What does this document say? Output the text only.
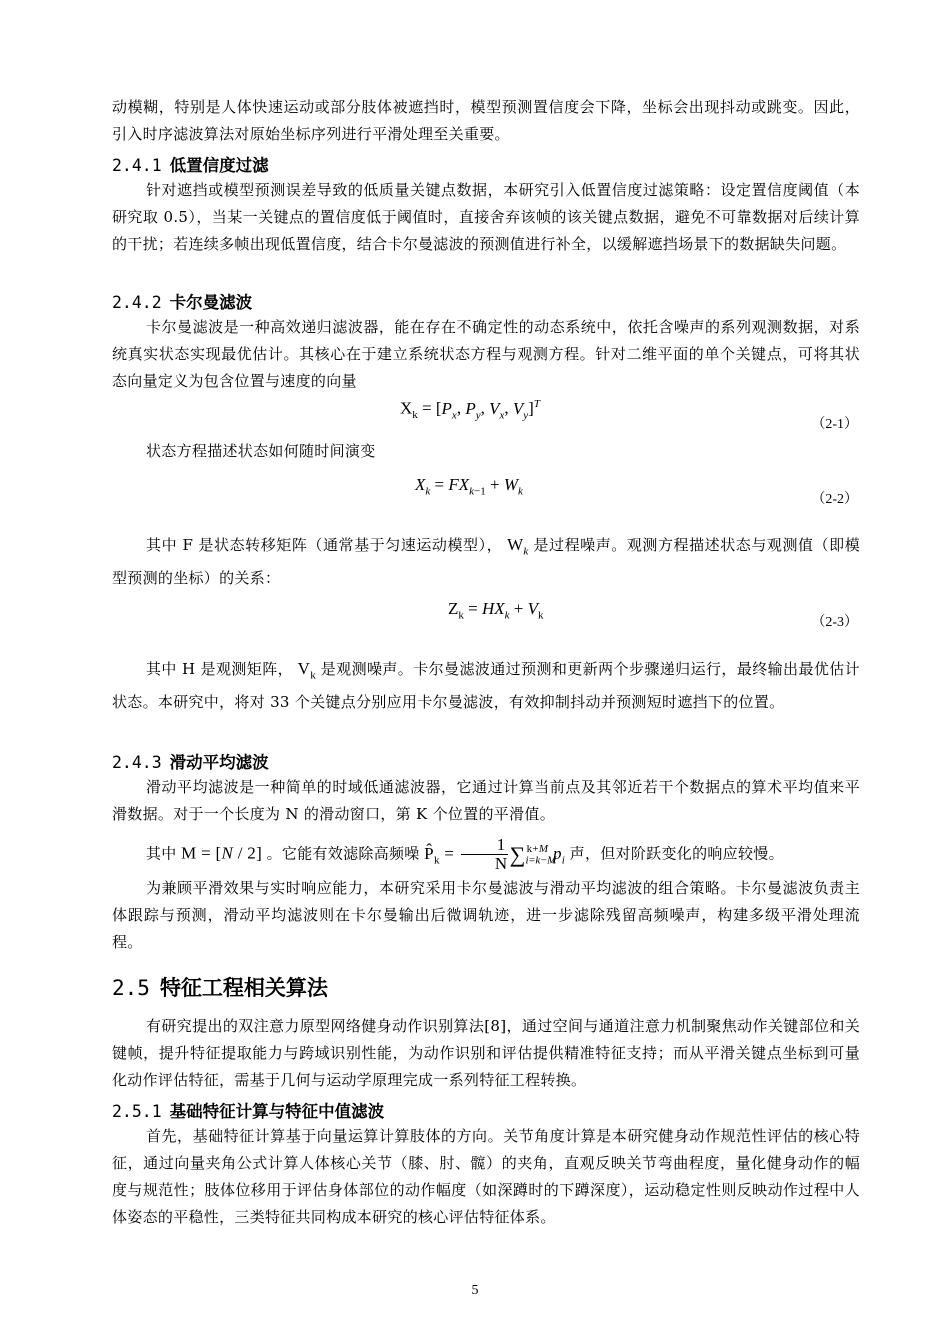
动模糊，特别是人体快速运动或部分肢体被遮挡时，模型预测置信度会下降，坐标会出现抖动或跳变。因此，引入时序滤波算法对原始坐标序列进行平滑处理至关重要。

2.4.1 低置信度过滤

针对遮挡或模型预测误差导致的低质量关键点数据，本研究引入低置信度过滤策略：设定置信度阈值（本研究取 0.5），当某一关键点的置信度低于阈值时，直接舍弃该帧的该关键点数据，避免不可靠数据对后续计算的干扰；若连续多帧出现低置信度，结合卡尔曼滤波的预测值进行补全，以缓解遮挡场景下的数据缺失问题。

2.4.2 卡尔曼滤波

卡尔曼滤波是一种高效递归滤波器，能在存在不确定性的动态系统中，依托含噪声的系列观测数据，对系统真实状态实现最优估计。其核心在于建立系统状态方程与观测方程。针对二维平面的单个关键点，可将其状态向量定义为包含位置与速度的向量

$X_k = [P_x$, $P_y$, $V_x$, $V_y]^T$
（2-1）

状态方程描述状态如何随时间演变

$X_k = FX_{k-1} + W_k$
（2-2）

其中 F 是状态转移矩阵（通常基于匀速运动模型）， $W_k$ 是过程噪声。观测方程描述状态与观测值（即模型预测的坐标）的关系：

$Z_k = HX_k + V_k$	（2-3）

其中 H 是观测矩阵， $V_k$ 是观测噪声。卡尔曼滤波通过预测和更新两个步骤递归运行，最终输出最优估计状态。本研究中，将对 33 个关键点分别应用卡尔曼滤波，有效抑制抖动并预测短时遮挡下的位置。

2.4.3 滑动平均滤波

滑动平均滤波是一种简单的时域低通滤波器，它通过计算当前点及其邻近若干个数据点的算术平均值来平滑数据。对于一个长度为 N 的滑动窗口，第 K 个位置的平滑值。

其中 M = [N / 2] 。它能有效滤除高频噪 $P̂_k = \frac{1}{N} \sum_{i=k-M}^{k+M}$ $p_i$ 声，但对阶跃变化的响应较慢。

为兼顾平滑效果与实时响应能力，本研究采用卡尔曼滤波与滑动平均滤波的组合策略。卡尔曼滤波负责主体跟踪与预测，滑动平均滤波则在卡尔曼输出后微调轨迹，进一步滤除残留高频噪声，构建多级平滑处理流程。

2.5 特征工程相关算法

有研究提出的双注意力原型网络健身动作识别算法[8]，通过空间与通道注意力机制聚焦动作关键部位和关键帧，提升特征提取能力与跨域识别性能，为动作识别和评估提供精准特征支持；而从平滑关键点坐标到可量化动作评估特征，需基于几何与运动学原理完成一系列特征工程转换。

2.5.1 基础特征计算与特征中值滤波

首先，基础特征计算基于向量运算计算肢体的方向。关节角度计算是本研究健身动作规范性评估的核心特征，通过向量夹角公式计算人体核心关节（膝、肘、髋）的夹角，直观反映关节弯曲程度，量化健身动作的幅度与规范性；肢体位移用于评估身体部位的动作幅度（如深蹲时的下蹲深度），运动稳定性则反映动作过程中人体姿态的平稳性，三类特征共同构成本研究的核心评估特征体系。

5
